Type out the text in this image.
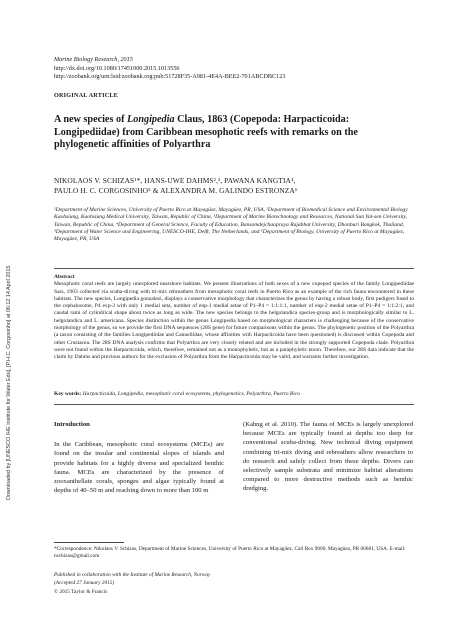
Downloaded by [UNESCO IHE Institute for Water Edu], [P.H.C. Corgosinho] at 06:12 14 April 2015
Marine Biology Research, 2015
http://dx.doi.org/10.1080/17451000.2015.1013556
http://zoobank.org/urn:lsid:zoobank.org:pub:51728F35-A981-4E4A-BEE2-701ABCDBC123
ORIGINAL ARTICLE
A new species of Longipedia Claus, 1863 (Copepoda: Harpacticoida: Longipediidae) from Caribbean mesophotic reefs with remarks on the phylogenetic affinities of Polyarthra
NIKOLAOS V. SCHIZAS¹*, HANS-UWE DAHMS²,³, PAWANA KANGTIA⁴,
PAULO H. C. CORGOSINHO⁵ & ALEXANDRA M. GALINDO ESTRONZA⁶
¹Department of Marine Sciences, University of Puerto Rico at Mayagüez, Mayagüez, PR, USA, ²Department of Biomedical Science and Environmental Biology Kaohsiung, Kaohsiung Medical University, Taiwan, Republic of China, ³Department of Marine Biotechnology and Resources, National Sun Yat-sen University, Taiwan, Republic of China, ⁴Department of General Science, Faculty of Education, Bansomdejchaopraya Rajabhat University, Dhonburi Bangkok, Thailand, ⁵Department of Water Science and Engineering, UNESCO-IHE, Delft, The Netherlands, and ⁶Department of Biology, University of Puerto Rico at Mayagüez, Mayagüez, PR, USA
Abstract
Mesophotic coral reefs are largely unexplored nearshore habitats. We present illustrations of both sexes of a new copepod species of the family Longipediidae Sars, 1903 collected via scuba-diving with tri-mix rebreathers from mesophotic coral reefs in Puerto Rico as an example of the rich fauna encountered in these habitats. The new species, Longipedia gonzalezi, displays a conservative morphology that characterizes the genus by having a robust body, first pedigers fused to the cephalosome, P4 exp-2 with only 1 medial seta, number of enp-1 medial setae of P1–P4 = 1:1:1:1, number of enp-2 medial setae of P1–P4 = 1:1:2:1, and caudal rami of cylindrical shape about twice as long as wide. The new species belongs to the helgolandica species-group and is morphologically similar to L. helgolandica and L. americana. Species distinction within the genus Longipedia based on morphological characters is challenging because of the conservative morphology of the genus, so we provide the first DNA sequences (28S gene) for future comparisons within the genus. The phylogenetic position of the Polyarthra (a taxon consisting of the families Longipediidae and Canuellidae, whose affinities with Harpacticoida have been questioned) is discussed within Copepoda and other Crustacea. The 28S DNA analysis confirms that Polyarthra are very closely related and are included in the strongly supported Copepoda clade. Polyarthra were not found within the Harpacticoida, which, therefore, remained not as a monophyletic, but as a paraphyletic taxon. Therefore, our 28S data indicate that the claim by Dahms and previous authors for the exclusion of Polyarthra from the Harpacticoida may be valid, and warrants further investigation.
Key words: Harpacticoida, Longipedia, mesophotic coral ecosystems, phylogenetics, Polyarthra, Puerto Rico
Introduction
In the Caribbean, mesophotic coral ecosystems (MCEs) are found on the insular and continental slopes of islands and provide habitats for a highly diverse and specialized benthic fauna. MCEs are characterized by the presence of zooxanthellate corals, sponges and algae typically found at depths of 40–50 m and reaching down to more than 100 m
(Kahng et al. 2010). The fauna of MCEs is largely unexplored because MCEs are typically found at depths too deep for conventional scuba-diving. New technical diving equipment combining tri-mix diving and rebreathers allow researchers to do research and safely collect from these depths. Divers can selectively sample substrata and minimize habitat alterations compared to more destructive methods such as benthic dredging.
*Correspondence: Nikolaos V. Schizas, Department of Marine Sciences, University of Puerto Rico at Mayagüez, Call Box 9000, Mayagüez, PR 00681, USA. E-mail: nschizas@gmail.com
Published in collaboration with the Institute of Marine Research, Norway
(Accepted 27 January 2015)
© 2015 Taylor & Francis
